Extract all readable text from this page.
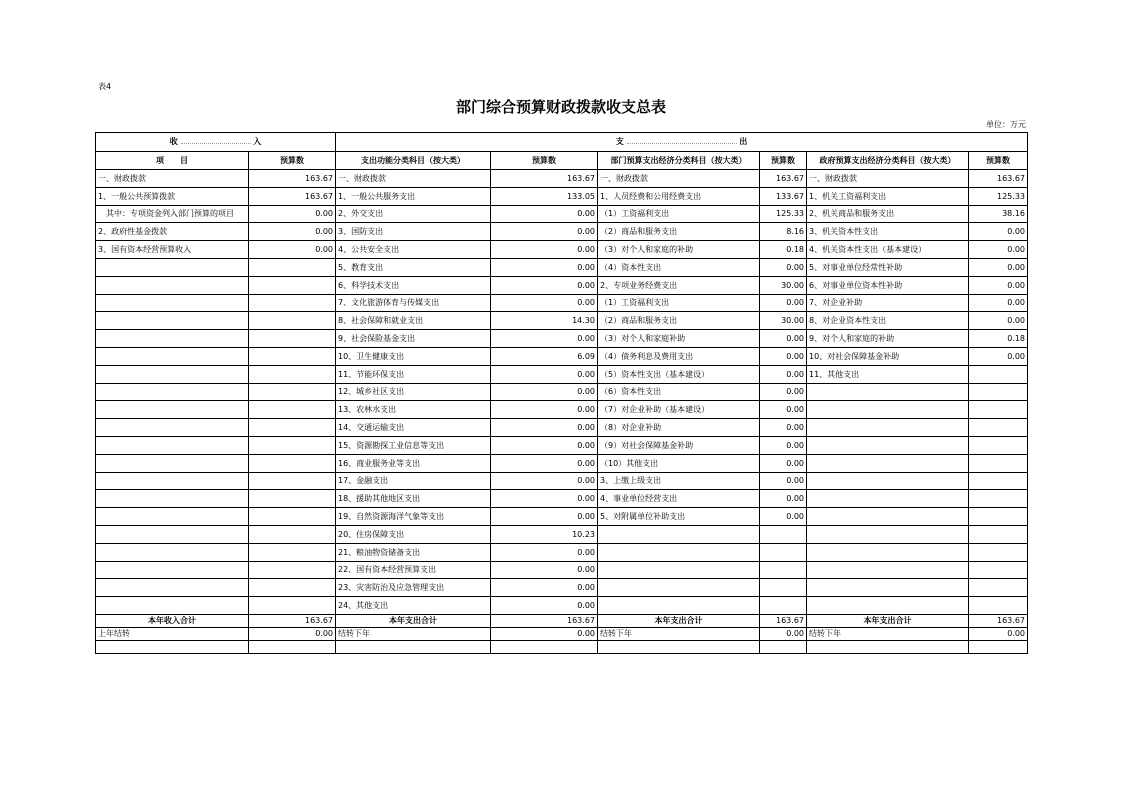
表4
部门综合预算财政拨款收支总表
单位：万元
收 入		支 出					
项　　目	预算数	支出功能分类科目（按大类）	预算数	部门预算支出经济分类科目（按大类）	预算数	政府预算支出经济分类科目（按大类）	预算数
一、财政拨款	163.67	一、财政拨款	163.67	一、财政拨款	163.67	一、财政拨款	163.67
1、一般公共预算拨款	163.67	1、一般公共服务支出	133.05	1、人员经费和公用经费支出	133.67	1、机关工资福利支出	125.33
　其中：专项资金列入部门预算的项目	0.00	2、外交支出	0.00	（1）工资福利支出	125.33	2、机关商品和服务支出	38.16
2、政府性基金拨款	0.00	3、国防支出	0.00	（2）商品和服务支出	8.16	3、机关资本性支出	0.00
3、国有资本经营预算收入	0.00	4、公共安全支出	0.00	（3）对个人和家庭的补助	0.18	4、机关资本性支出（基本建设）	0.00
		5、教育支出	0.00	（4）资本性支出	0.00	5、对事业单位经常性补助	0.00
		6、科学技术支出	0.00	2、专项业务经费支出	30.00	6、对事业单位资本性补助	0.00
		7、文化旅游体育与传媒支出	0.00	（1）工资福利支出	0.00	7、对企业补助	0.00
		8、社会保障和就业支出	14.30	（2）商品和服务支出	30.00	8、对企业资本性支出	0.00
		9、社会保险基金支出	0.00	（3）对个人和家庭补助	0.00	9、对个人和家庭的补助	0.18
		10、卫生健康支出	6.09	（4）债务利息及费用支出	0.00	10、对社会保障基金补助	0.00
		11、节能环保支出	0.00	（5）资本性支出（基本建设）	0.00	11、其他支出	
		12、城乡社区支出	0.00	（6）资本性支出	0.00		
		13、农林水支出	0.00	（7）对企业补助（基本建设）	0.00		
		14、交通运输支出	0.00	（8）对企业补助	0.00		
		15、资源勘探工业信息等支出	0.00	（9）对社会保障基金补助	0.00		
		16、商业服务业等支出	0.00	（10）其他支出	0.00		
		17、金融支出	0.00	3、上缴上级支出	0.00		
		18、援助其他地区支出	0.00	4、事业单位经营支出	0.00		
		19、自然资源海洋气象等支出	0.00	5、对附属单位补助支出	0.00		
		20、住房保障支出	10.23				
		21、粮油物资储备支出	0.00				
		22、国有资本经营预算支出	0.00				
		23、灾害防治及应急管理支出	0.00				
		24、其他支出	0.00				
本年收入合计	163.67	本年支出合计	163.67	本年支出合计	163.67	本年支出合计	163.67
上年结转	0.00	结转下年	0.00	结转下年	0.00	结转下年	0.00
